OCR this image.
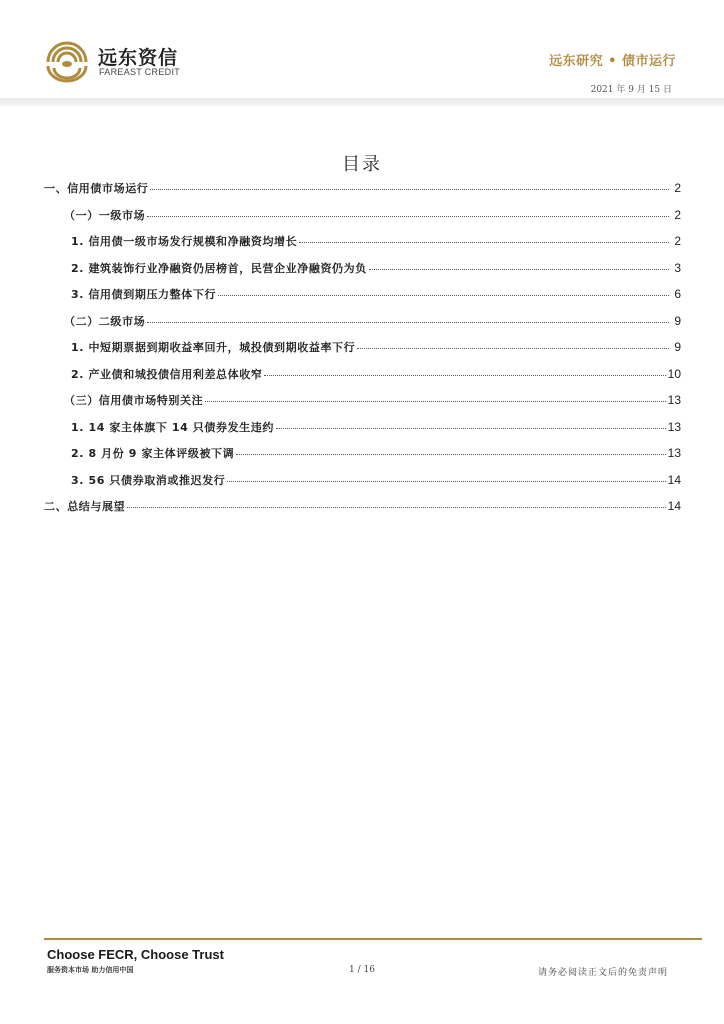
远东资信
FAREAST CREDIT
远东研究 • 债市运行
2021 年 9 月 15 日
目录
一、信用债市场运行	2
（一）一级市场	2
1. 信用债一级市场发行规模和净融资均增长	2
2. 建筑装饰行业净融资仍居榜首，民营企业净融资仍为负	3
3. 信用债到期压力整体下行	6
（二）二级市场	9
1. 中短期票据到期收益率回升，城投债到期收益率下行	9
2. 产业债和城投债信用利差总体收窄	10
（三）信用债市场特别关注	13
1. 14 家主体旗下 14 只债券发生违约	13
2. 8 月份 9 家主体评级被下调	13
3. 56 只债券取消或推迟发行	14
二、总结与展望	14
Choose FECR, Choose Trust
服务资本市场 助力信用中国	1 / 16	请务必阅读正文后的免责声明
